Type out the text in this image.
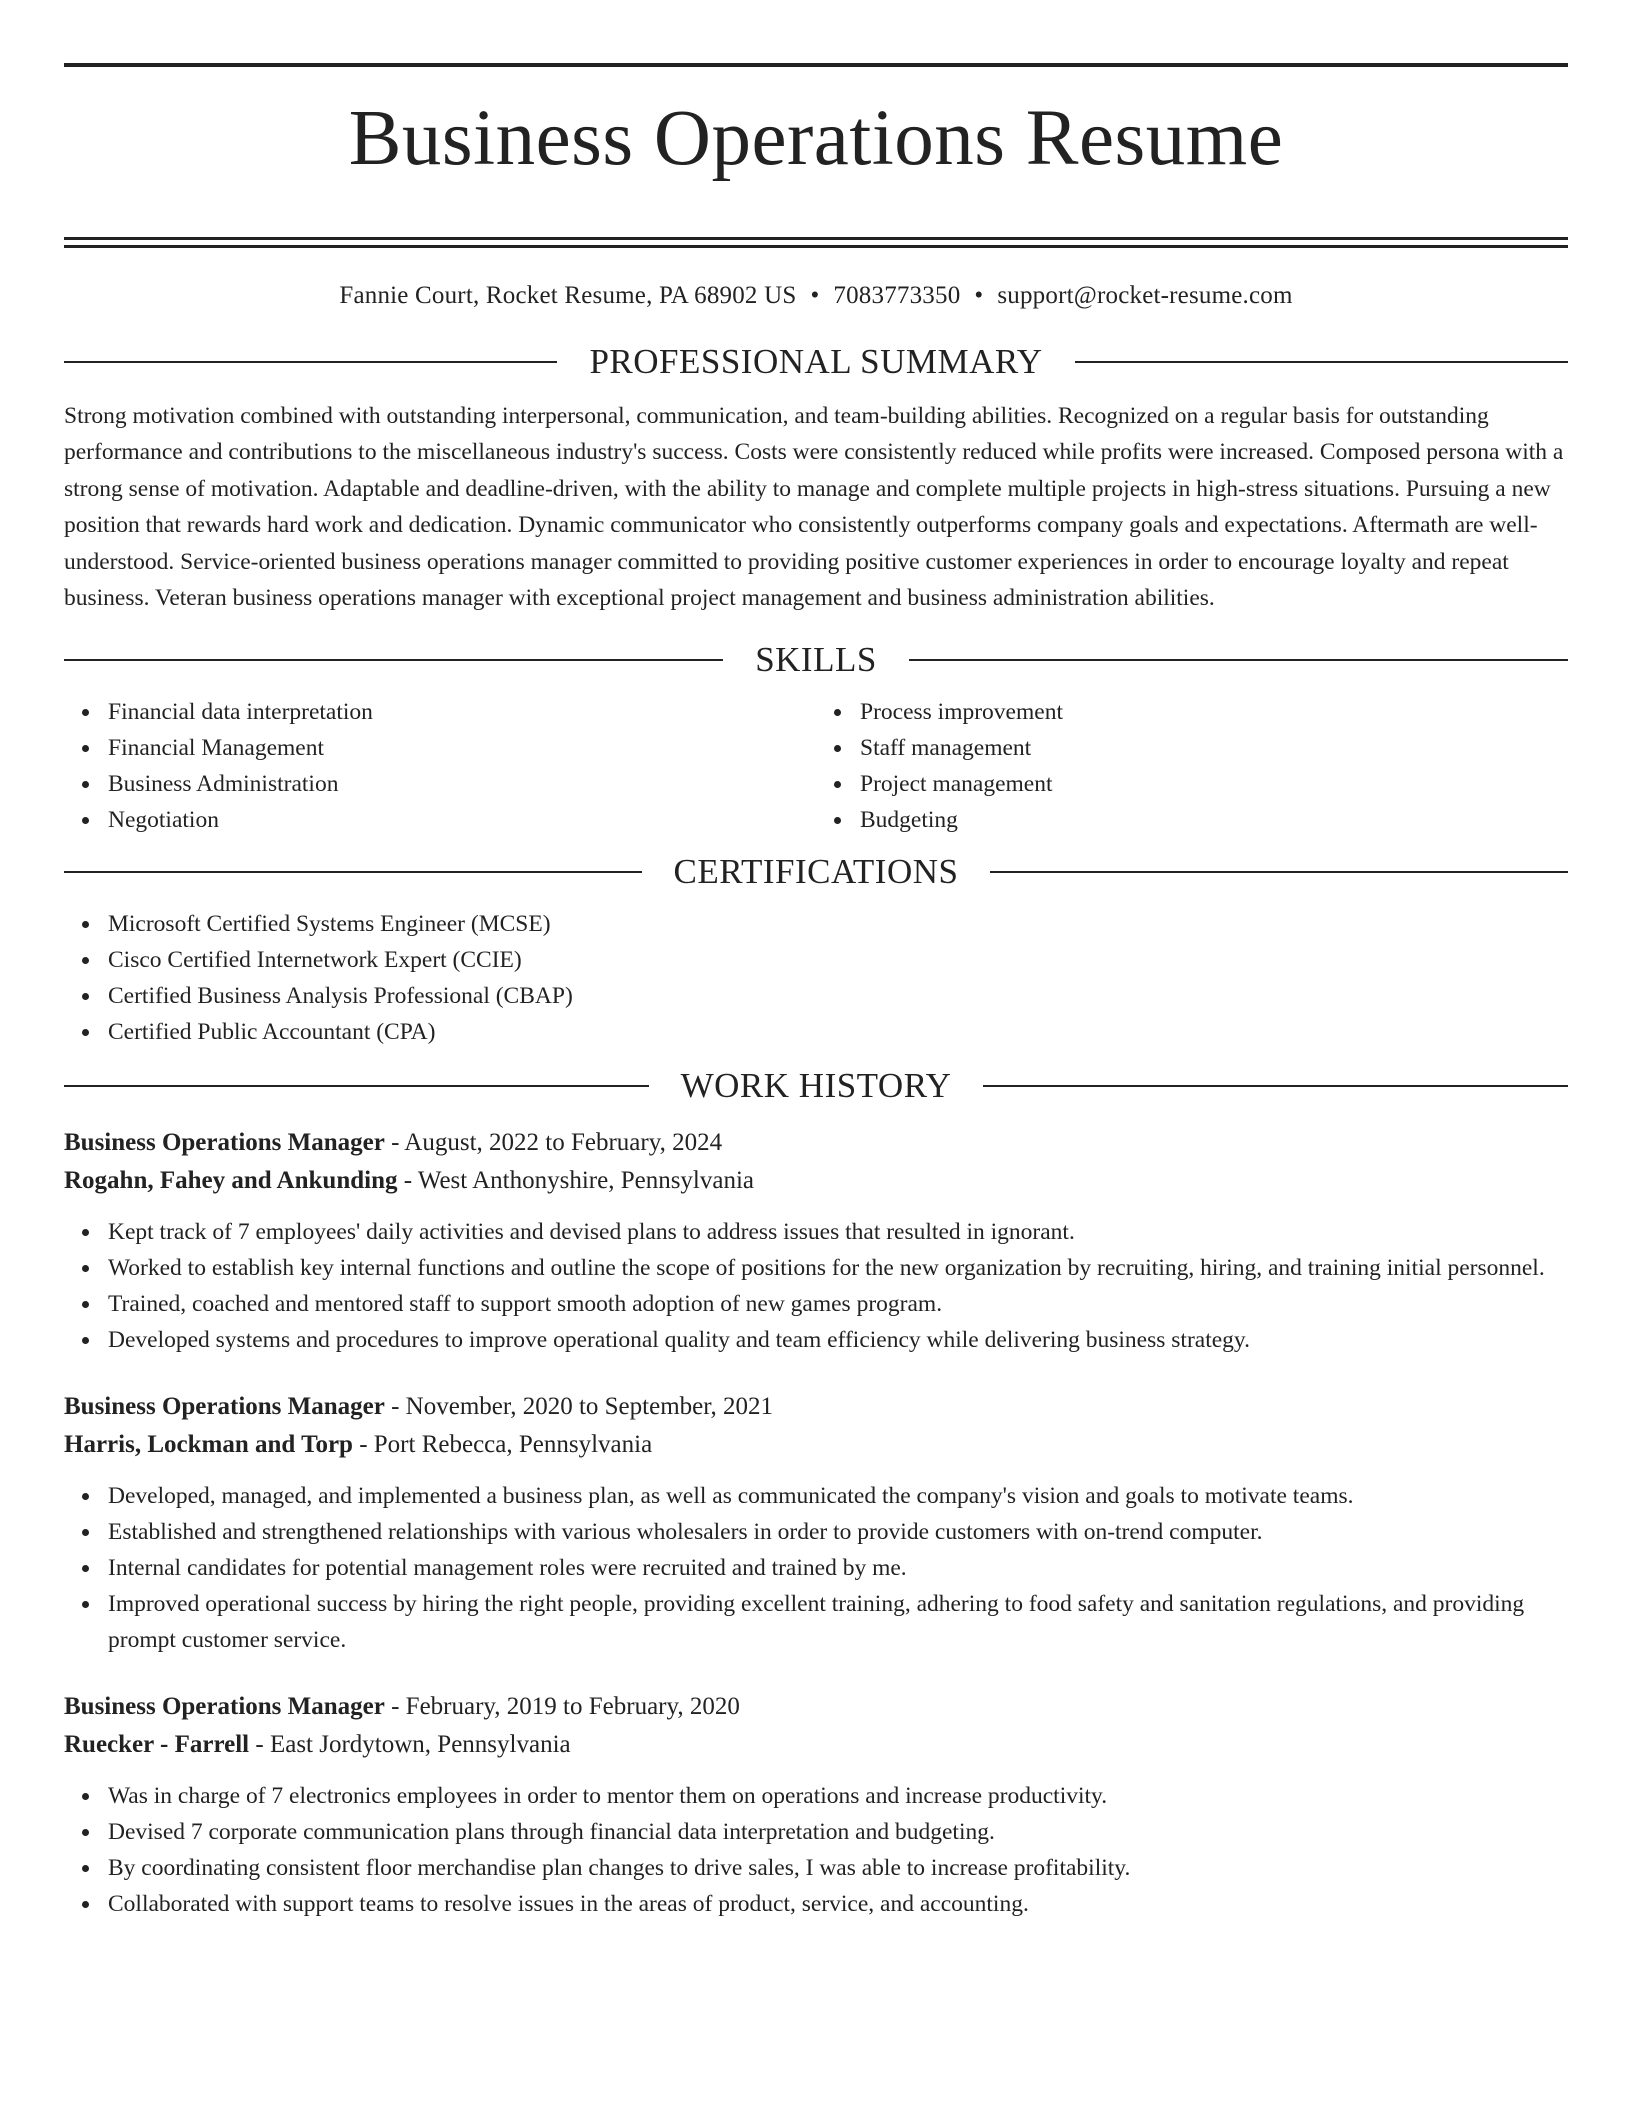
Business Operations Resume
Fannie Court, Rocket Resume, PA 68902 US • 7083773350 • support@rocket-resume.com
PROFESSIONAL SUMMARY

Strong motivation combined with outstanding interpersonal, communication, and team-building abilities. Recognized on a regular basis for outstanding performance and contributions to the miscellaneous industry's success. Costs were consistently reduced while profits were increased. Composed persona with a strong sense of motivation. Adaptable and deadline-driven, with the ability to manage and complete multiple projects in high-stress situations. Pursuing a new position that rewards hard work and dedication. Dynamic communicator who consistently outperforms company goals and expectations. Aftermath are well-understood. Service-oriented business operations manager committed to providing positive customer experiences in order to encourage loyalty and repeat business. Veteran business operations manager with exceptional project management and business administration abilities.

SKILLS
Financial data interpretation
Financial Management
Business Administration
Negotiation
Process improvement
Staff management
Project management
Budgeting
CERTIFICATIONS
Microsoft Certified Systems Engineer (MCSE)
Cisco Certified Internetwork Expert (CCIE)
Certified Business Analysis Professional (CBAP)
Certified Public Accountant (CPA)
WORK HISTORY
Business Operations Manager - August, 2022 to February, 2024
Rogahn, Fahey and Ankunding - West Anthonyshire, Pennsylvania
Kept track of 7 employees' daily activities and devised plans to address issues that resulted in ignorant.
Worked to establish key internal functions and outline the scope of positions for the new organization by recruiting, hiring, and training initial personnel.
Trained, coached and mentored staff to support smooth adoption of new games program.
Developed systems and procedures to improve operational quality and team efficiency while delivering business strategy.
Business Operations Manager - November, 2020 to September, 2021
Harris, Lockman and Torp - Port Rebecca, Pennsylvania
Developed, managed, and implemented a business plan, as well as communicated the company's vision and goals to motivate teams.
Established and strengthened relationships with various wholesalers in order to provide customers with on-trend computer.
Internal candidates for potential management roles were recruited and trained by me.
Improved operational success by hiring the right people, providing excellent training, adhering to food safety and sanitation regulations, and providing prompt customer service.
Business Operations Manager - February, 2019 to February, 2020
Ruecker - Farrell - East Jordytown, Pennsylvania
Was in charge of 7 electronics employees in order to mentor them on operations and increase productivity.
Devised 7 corporate communication plans through financial data interpretation and budgeting.
By coordinating consistent floor merchandise plan changes to drive sales, I was able to increase profitability.
Collaborated with support teams to resolve issues in the areas of product, service, and accounting.
